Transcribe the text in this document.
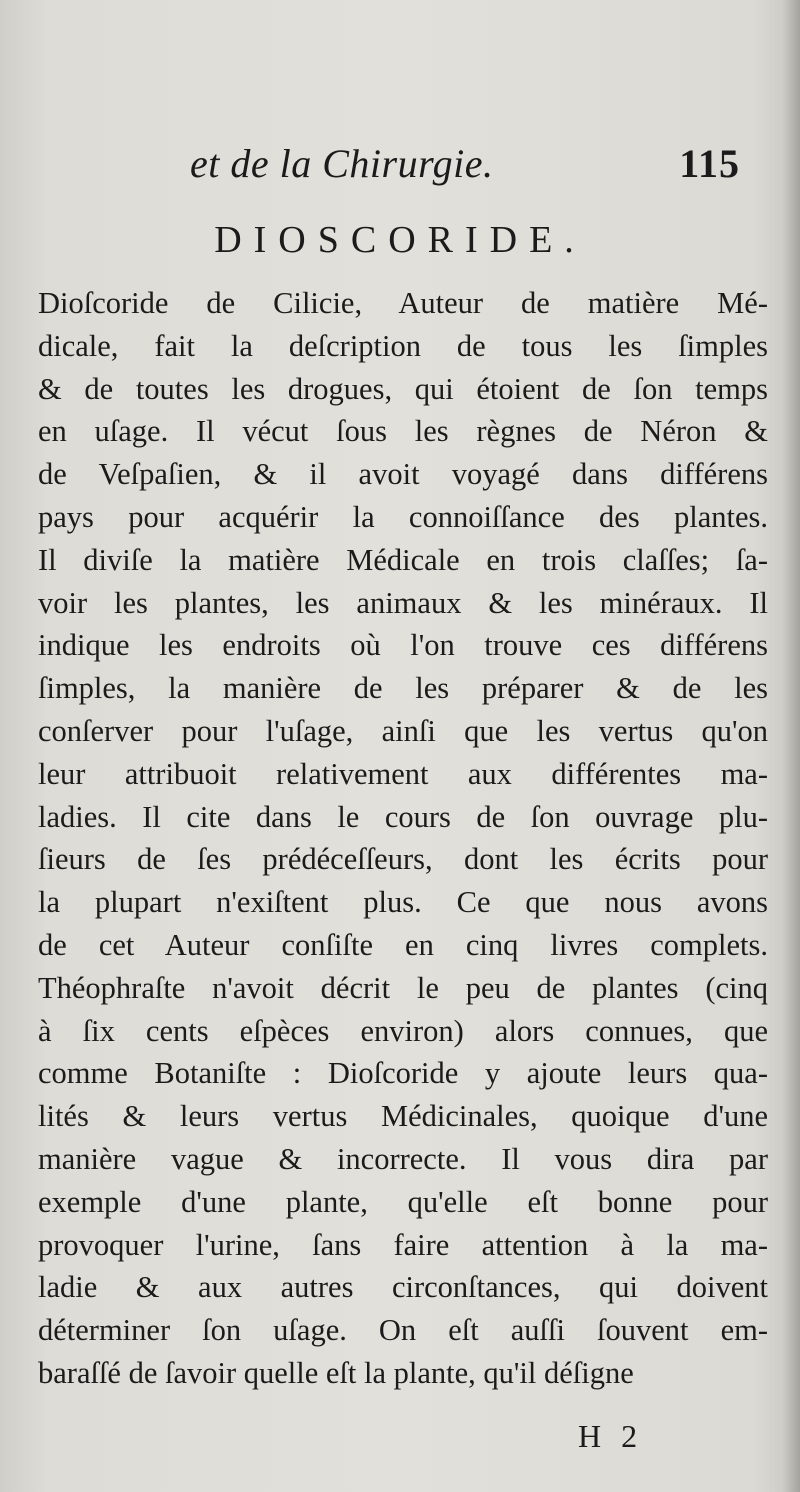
et de la Chirurgie.	115
DIOSCORIDE.
Dioſcoride de Cilicie, Auteur de matière Mé-
dicale, fait la deſcription de tous les ſimples
& de toutes les drogues, qui étoient de ſon temps
en uſage. Il vécut ſous les règnes de Néron &
de Veſpaſien, & il avoit voyagé dans différens
pays pour acquérir la connoiſſance des plantes.
Il diviſe la matière Médicale en trois claſſes; ſa-
voir les plantes, les animaux & les minéraux. Il
indique les endroits où l'on trouve ces différens
ſimples, la manière de les préparer & de les
conſerver pour l'uſage, ainſi que les vertus qu'on
leur attribuoit relativement aux différentes ma-
ladies. Il cite dans le cours de ſon ouvrage plu-
ſieurs de ſes prédéceſſeurs, dont les écrits pour
la plupart n'exiſtent plus. Ce que nous avons
de cet Auteur conſiſte en cinq livres complets.
Théophraſte n'avoit décrit le peu de plantes (cinq
à ſix cents eſpèces environ) alors connues, que
comme Botaniſte : Dioſcoride y ajoute leurs qua-
lités & leurs vertus Médicinales, quoique d'une
manière vague & incorrecte. Il vous dira par
exemple d'une plante, qu'elle eſt bonne pour
provoquer l'urine, ſans faire attention à la ma-
ladie & aux autres circonſtances, qui doivent
déterminer ſon uſage. On eſt auſſi ſouvent em-
baraſſé de ſavoir quelle eſt la plante, qu'il déſigne
H 2
